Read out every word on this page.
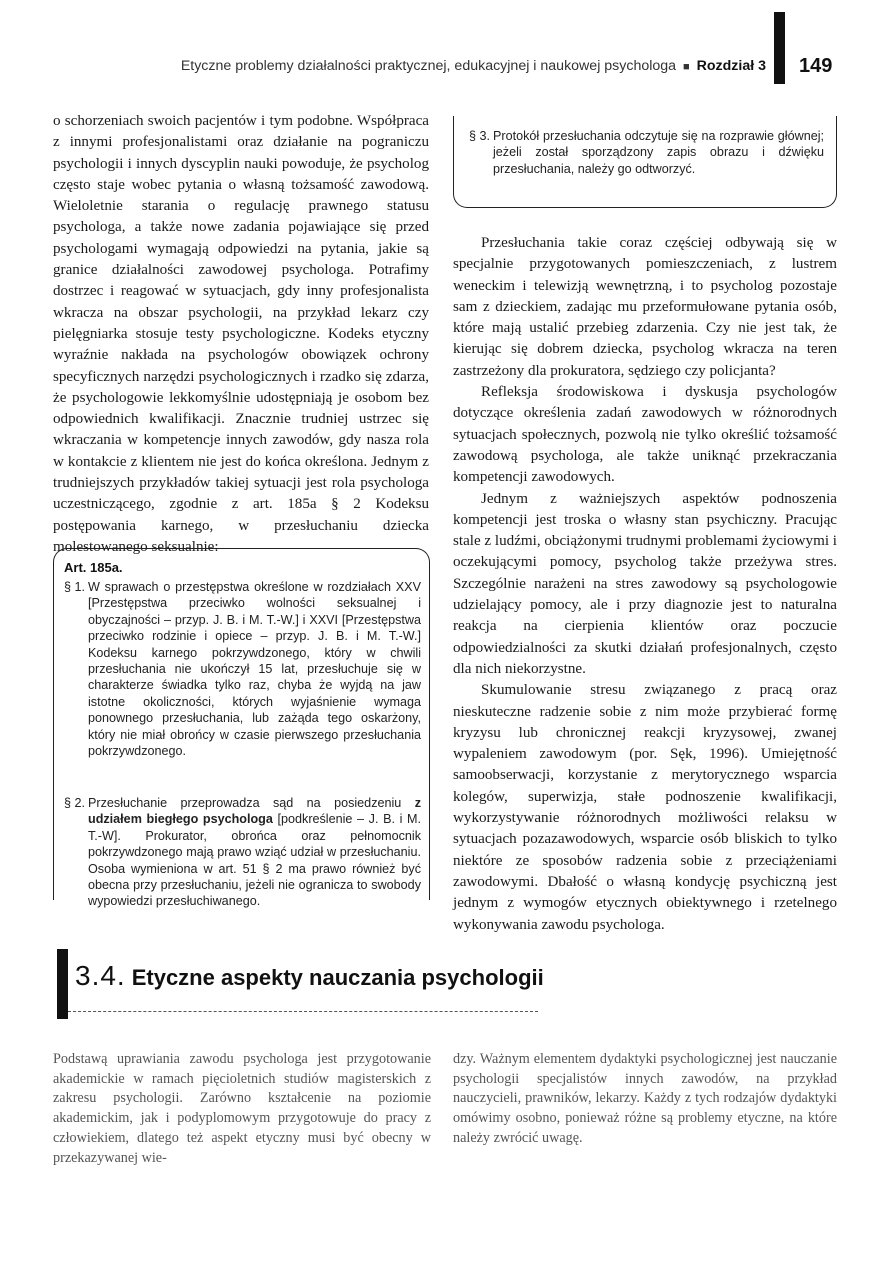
Etyczne problemy działalności praktycznej, edukacyjnej i naukowej psychologa ■ Rozdział 3 149

o schorzeniach swoich pacjentów i tym podobne. Współpraca z innymi profesjonalistami oraz działanie na pograniczu psychologii i innych dyscyplin nauki powoduje, że psycholog często staje wobec pytania o własną tożsamość zawodową. Wieloletnie starania o regulację prawnego statusu psychologa, a także nowe zadania pojawiające się przed psychologami wymagają odpowiedzi na pytania, jakie są granice działalności zawodowej psychologa. Potrafimy dostrzec i reagować w sytuacjach, gdy inny profesjonalista wkracza na obszar psychologii, na przykład lekarz czy pielęgniarka stosuje testy psychologiczne. Kodeks etyczny wyraźnie nakłada na psychologów obowiązek ochrony specyficznych narzędzi psychologicznych i rzadko się zdarza, że psychologowie lekkomyślnie udostępniają je osobom bez odpowiednich kwalifikacji. Znacznie trudniej ustrzec się wkraczania w kompetencje innych zawodów, gdy nasza rola w kontakcie z klientem nie jest do końca określona. Jednym z trudniejszych przykładów takiej sytuacji jest rola psychologa uczestniczącego, zgodnie z art. 185a § 2 Kodeksu postępowania karnego, w przesłuchaniu dziecka molestowanego seksualnie:

Art. 185a.
§ 1. W sprawach o przestępstwa określone w rozdziałach XXV [Przestępstwa przeciwko wolności seksualnej i obyczajności – przyp. J. B. i M. T.-W.] i XXVI [Przestępstwa przeciwko rodzinie i opiece – przyp. J. B. i M. T.-W.] Kodeksu karnego pokrzywdzonego, który w chwili przesłuchania nie ukończył 15 lat, przesłuchuje się w charakterze świadka tylko raz, chyba że wyjdą na jaw istotne okoliczności, których wyjaśnienie wymaga ponownego przesłuchania, lub zażąda tego oskarżony, który nie miał obrońcy w czasie pierwszego przesłuchania pokrzywdzonego.
§ 2. Przesłuchanie przeprowadza sąd na posiedzeniu z udziałem biegłego psychologa [podkreślenie – J. B. i M. T.-W]. Prokurator, obrońca oraz pełnomocnik pokrzywdzonego mają prawo wziąć udział w przesłuchaniu. Osoba wymieniona w art. 51 § 2 ma prawo również być obecna przy przesłuchaniu, jeżeli nie ogranicza to swobody wypowiedzi przesłuchiwanego.
§ 3. Protokół przesłuchania odczytuje się na rozprawie głównej; jeżeli został sporządzony zapis obrazu i dźwięku przesłuchania, należy go odtworzyć.

Przesłuchania takie coraz częściej odbywają się w specjalnie przygotowanych pomieszczeniach, z lustrem weneckim i telewizją wewnętrzną, i to psycholog pozostaje sam z dzieckiem, zadając mu przeformułowane pytania osób, które mają ustalić przebieg zdarzenia. Czy nie jest tak, że kierując się dobrem dziecka, psycholog wkracza na teren zastrzeżony dla prokuratora, sędziego czy policjanta?

Refleksja środowiskowa i dyskusja psychologów dotyczące określenia zadań zawodowych w różnorodnych sytuacjach społecznych, pozwolą nie tylko określić tożsamość zawodową psychologa, ale także uniknąć przekraczania kompetencji zawodowych.

Jednym z ważniejszych aspektów podnoszenia kompetencji jest troska o własny stan psychiczny. Pracując stale z ludźmi, obciążonymi trudnymi problemami życiowymi i oczekującymi pomocy, psycholog także przeżywa stres. Szczególnie narażeni na stres zawodowy są psychologowie udzielający pomocy, ale i przy diagnozie jest to naturalna reakcja na cierpienia klientów oraz poczucie odpowiedzialności za skutki działań profesjonalnych, często dla nich niekorzystne.

Skumulowanie stresu związanego z pracą oraz nieskuteczne radzenie sobie z nim może przybierać formę kryzysu lub chronicznej reakcji kryzysowej, zwanej wypaleniem zawodowym (por. Sęk, 1996). Umiejętność samoobserwacji, korzystanie z merytorycznego wsparcia kolegów, superwizja, stałe podnoszenie kwalifikacji, wykorzystywanie różnorodnych możliwości relaksu w sytuacjach pozazawodowych, wsparcie osób bliskich to tylko niektóre ze sposobów radzenia sobie z przeciążeniami zawodowymi. Dbałość o własną kondycję psychiczną jest jednym z wymogów etycznych obiektywnego i rzetelnego wykonywania zawodu psychologa.

3.4. Etyczne aspekty nauczania psychologii
Podstawą uprawiania zawodu psychologa jest przygotowanie akademickie w ramach pięcioletnich studiów magisterskich z zakresu psychologii. Zarówno kształcenie na poziomie akademickim, jak i podyplomowym przygotowuje do pracy z człowiekiem, dlatego też aspekt etyczny musi być obecny w przekazywanej wie-
dzy. Ważnym elementem dydaktyki psychologicznej jest nauczanie psychologii specjalistów innych zawodów, na przykład nauczycieli, prawników, lekarzy. Każdy z tych rodzajów dydaktyki omówimy osobno, ponieważ różne są problemy etyczne, na które należy zwrócić uwagę.
